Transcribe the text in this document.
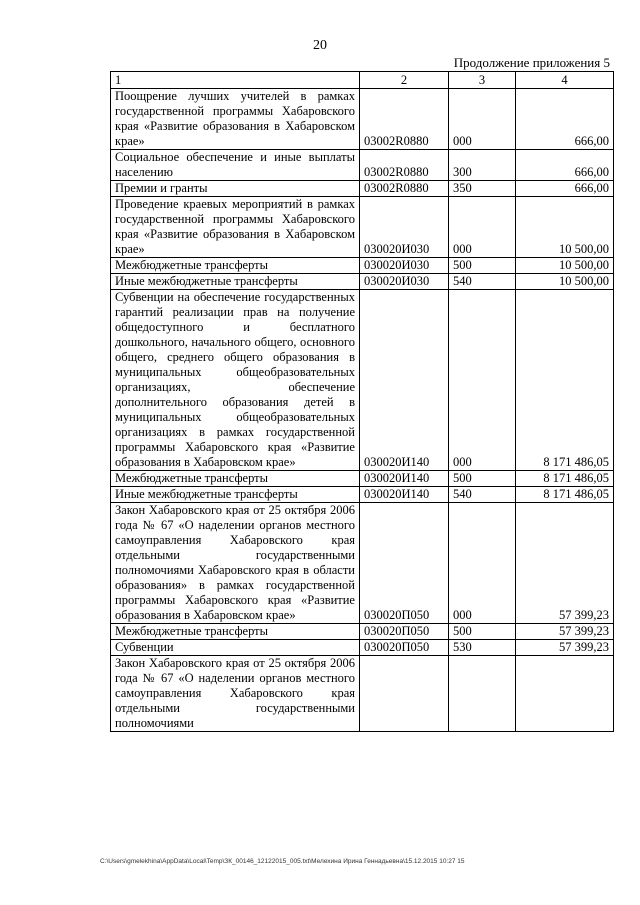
20
Продолжение приложения 5
1	2	3	4
Поощрение лучших учителей в рамках государственной программы Хабаровского края «Развитие образования в Хабаровском крае»	03002R0880	000	666,00
Социальное обеспечение и иные выплаты населению	03002R0880	300	666,00
Премии и гранты	03002R0880	350	666,00
Проведение краевых мероприятий в рамках государственной программы Хабаровского края «Развитие образования в Хабаровском крае»	030020И030	000	10 500,00
Межбюджетные трансферты	030020И030	500	10 500,00
Иные межбюджетные трансферты	030020И030	540	10 500,00
Субвенции на обеспечение государственных гарантий реализации прав на получение общедоступного и бесплатного дошкольного, начального общего, основного общего, среднего общего образования в муниципальных общеобразовательных организациях, обеспечение дополнительного образования детей в муниципальных общеобразовательных организациях в рамках государственной программы Хабаровского края «Развитие образования в Хабаровском крае»	030020И140	000	8 171 486,05
Межбюджетные трансферты	030020И140	500	8 171 486,05
Иные межбюджетные трансферты	030020И140	540	8 171 486,05
Закон Хабаровского края от 25 октября 2006 года № 67 «О наделении органов местного самоуправления Хабаровского края отдельными государственными полномочиями Хабаровского края в области образования» в рамках государственной программы Хабаровского края «Развитие образования в Хабаровском крае»	030020П050	000	57 399,23
Межбюджетные трансферты	030020П050	500	57 399,23
Субвенции	030020П050	530	57 399,23
Закон Хабаровского края от 25 октября 2006 года № 67 «О наделении органов местного самоуправления Хабаровского края отдельными государственными полномочиями			
C:\Users\gmelekhina\AppData\Local\Temp\ЗК_00146_12122015_005.txt\Мелехина Ирина Геннадьевна\15.12.2015 10:27 15
